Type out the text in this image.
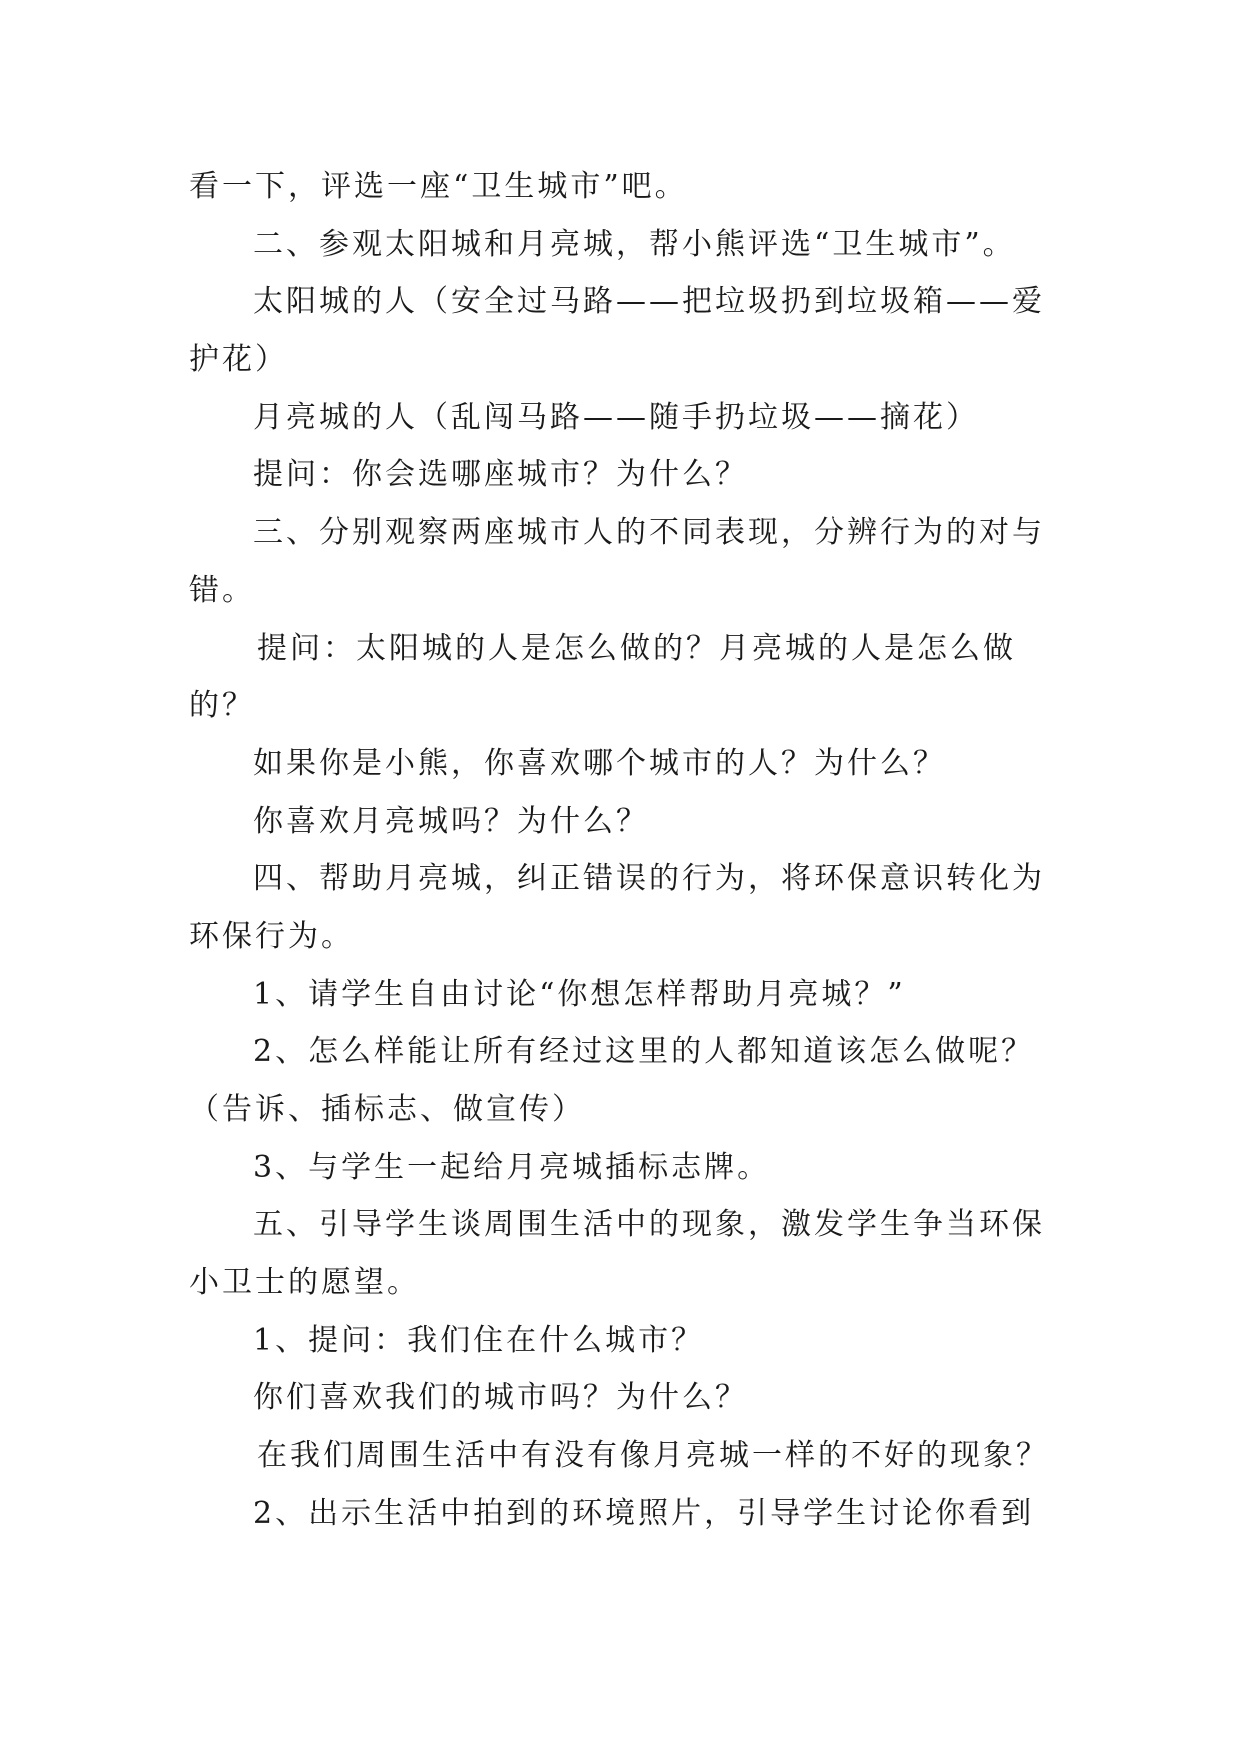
看一下，评选一座“卫生城市”吧。

二、参观太阳城和月亮城，帮小熊评选“卫生城市”。

太阳城的人（安全过马路——把垃圾扔到垃圾箱——爱

护花）

月亮城的人（乱闯马路——随手扔垃圾——摘花）

提问：你会选哪座城市？为什么？

三、分别观察两座城市人的不同表现，分辨行为的对与

错。

提问：太阳城的人是怎么做的？月亮城的人是怎么做

的？

如果你是小熊，你喜欢哪个城市的人？为什么？

你喜欢月亮城吗？为什么？

四、帮助月亮城，纠正错误的行为，将环保意识转化为

环保行为。

1、请学生自由讨论“你想怎样帮助月亮城？”

2、怎么样能让所有经过这里的人都知道该怎么做呢？

（告诉、插标志、做宣传）

3、与学生一起给月亮城插标志牌。

五、引导学生谈周围生活中的现象，激发学生争当环保

小卫士的愿望。

1、提问：我们住在什么城市？

你们喜欢我们的城市吗？为什么？

在我们周围生活中有没有像月亮城一样的不好的现象？

2、出示生活中拍到的环境照片，引导学生讨论你看到
